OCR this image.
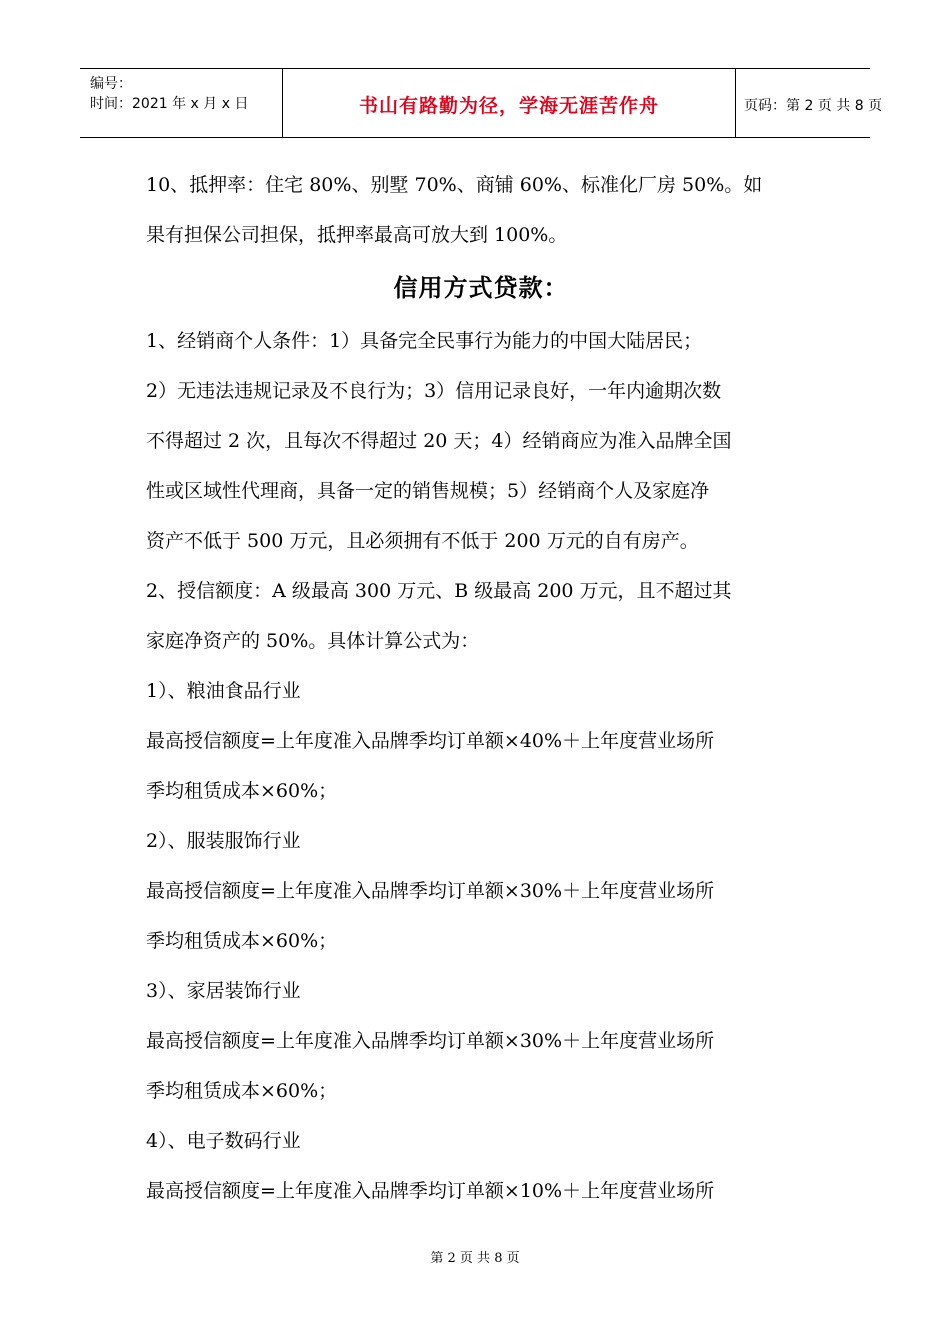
编号：
时间：2021 年 x 月 x 日	书山有路勤为径，学海无涯苦作舟	页码：第 2 页 共 8 页
10、抵押率：住宅 80%、别墅 70%、商铺 60%、标准化厂房 50%。如
果有担保公司担保，抵押率最高可放大到 100%。
信用方式贷款：
1、经销商个人条件：1）具备完全民事行为能力的中国大陆居民；
2）无违法违规记录及不良行为；3）信用记录良好，一年内逾期次数
不得超过 2 次，且每次不得超过 20 天；4）经销商应为准入品牌全国
性或区域性代理商，具备一定的销售规模；5）经销商个人及家庭净
资产不低于 500 万元，且必须拥有不低于 200 万元的自有房产。
2、授信额度：A 级最高 300 万元、B 级最高 200 万元，且不超过其
家庭净资产的 50%。具体计算公式为：
1）、粮油食品行业
最高授信额度=上年度准入品牌季均订单额×40%＋上年度营业场所
季均租赁成本×60%；
2）、服装服饰行业
最高授信额度=上年度准入品牌季均订单额×30%＋上年度营业场所
季均租赁成本×60%；
3）、家居装饰行业
最高授信额度=上年度准入品牌季均订单额×30%＋上年度营业场所
季均租赁成本×60%；
4）、电子数码行业
最高授信额度=上年度准入品牌季均订单额×10%＋上年度营业场所
第 2 页 共 8 页
